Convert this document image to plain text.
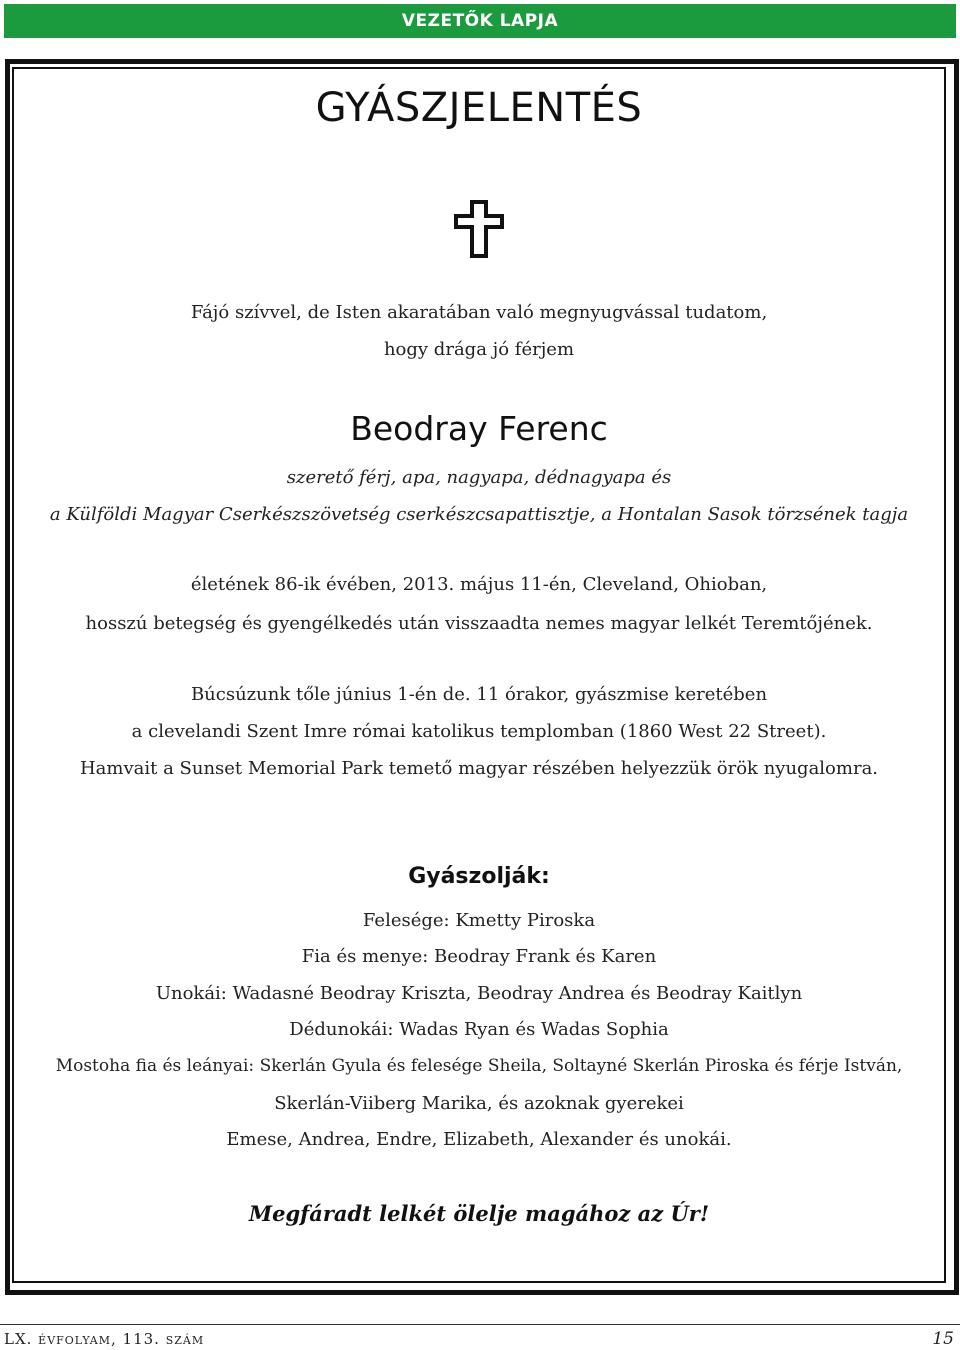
VEZETŐK LAPJA
GYÁSZJELENTÉS
Fájó szívvel, de Isten akaratában való megnyugvással tudatom,
hogy drága jó férjem
Beodray Ferenc
szerető férj, apa, nagyapa, dédnagyapa és
a Külföldi Magyar Cserkészszövetség cserkészcsapattisztje, a Hontalan Sasok törzsének tagja
életének 86-ik évében, 2013. május 11-én, Cleveland, Ohioban,
hosszú betegség és gyengélkedés után visszaadta nemes magyar lelkét Teremtőjének.
Búcsúzunk tőle június 1-én de. 11 órakor, gyászmise keretében
a clevelandi Szent Imre római katolikus templomban (1860 West 22 Street).
Hamvait a Sunset Memorial Park temető magyar részében helyezzük örök nyugalomra.
Gyászolják:
Felesége: Kmetty Piroska
Fia és menye: Beodray Frank és Karen
Unokái: Wadasné Beodray Kriszta, Beodray Andrea és Beodray Kaitlyn
Dédunokái: Wadas Ryan és Wadas Sophia
Mostoha fia és leányai: Skerlán Gyula és felesége Sheila, Soltayné Skerlán Piroska és férje István,
Skerlán-Viiberg Marika, és azoknak gyerekei
Emese, Andrea, Endre, Elizabeth, Alexander és unokái.
Megfáradt lelkét ölelje magához az Úr!
LX. évfolyam, 113. szám	15
